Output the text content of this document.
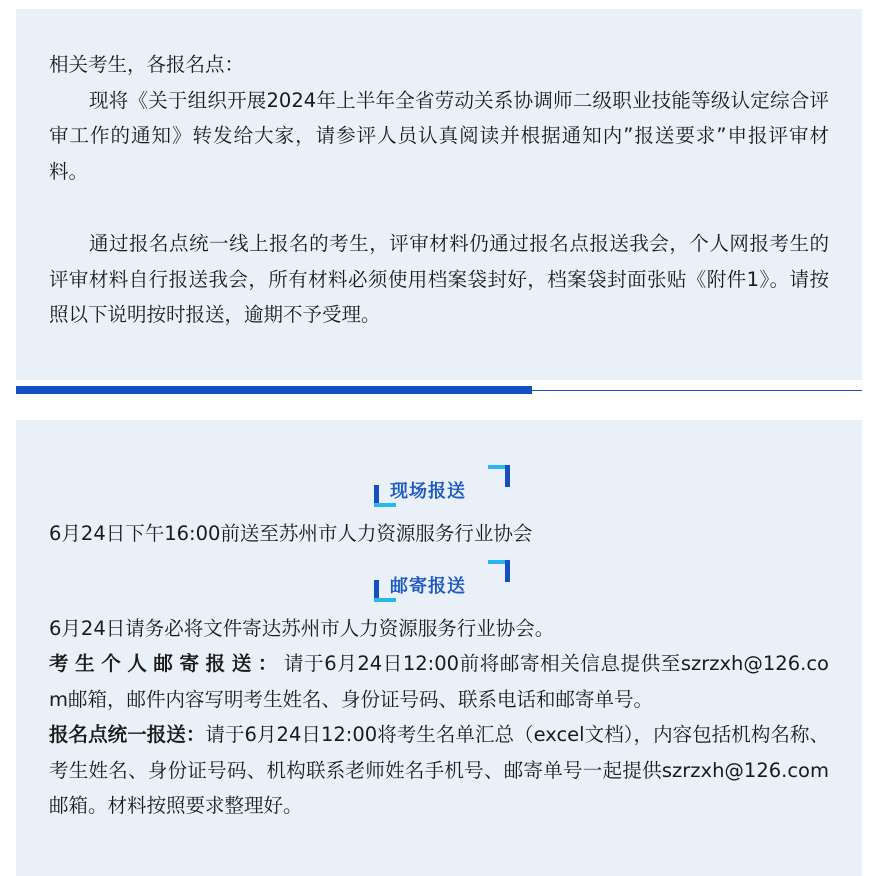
相关考生，各报名点：

现将《关于组织开展2024年上半年全省劳动关系协调师二级职业技能等级认定综合评审工作的通知》转发给大家，请参评人员认真阅读并根据通知内”报送要求”申报评审材料。

通过报名点统一线上报名的考生，评审材料仍通过报名点报送我会，个人网报考生的评审材料自行报送我会，所有材料必须使用档案袋封好，档案袋封面张贴《附件1》。请按照以下说明按时报送，逾期不予受理。

现场报送

6月24日下午16:00前送至苏州市人力资源服务行业协会

邮寄报送

6月24日请务必将文件寄达苏州市人力资源服务行业协会。

考生个人邮寄报送：请于6月24日12:00前将邮寄相关信息提供至szrzxh@126.com邮箱，邮件内容写明考生姓名、身份证号码、联系电话和邮寄单号。

报名点统一报送：请于6月24日12:00将考生名单汇总（excel文档），内容包括机构名称、考生姓名、身份证号码、机构联系老师姓名手机号、邮寄单号一起提供szrzxh@126.com邮箱。材料按照要求整理好。
